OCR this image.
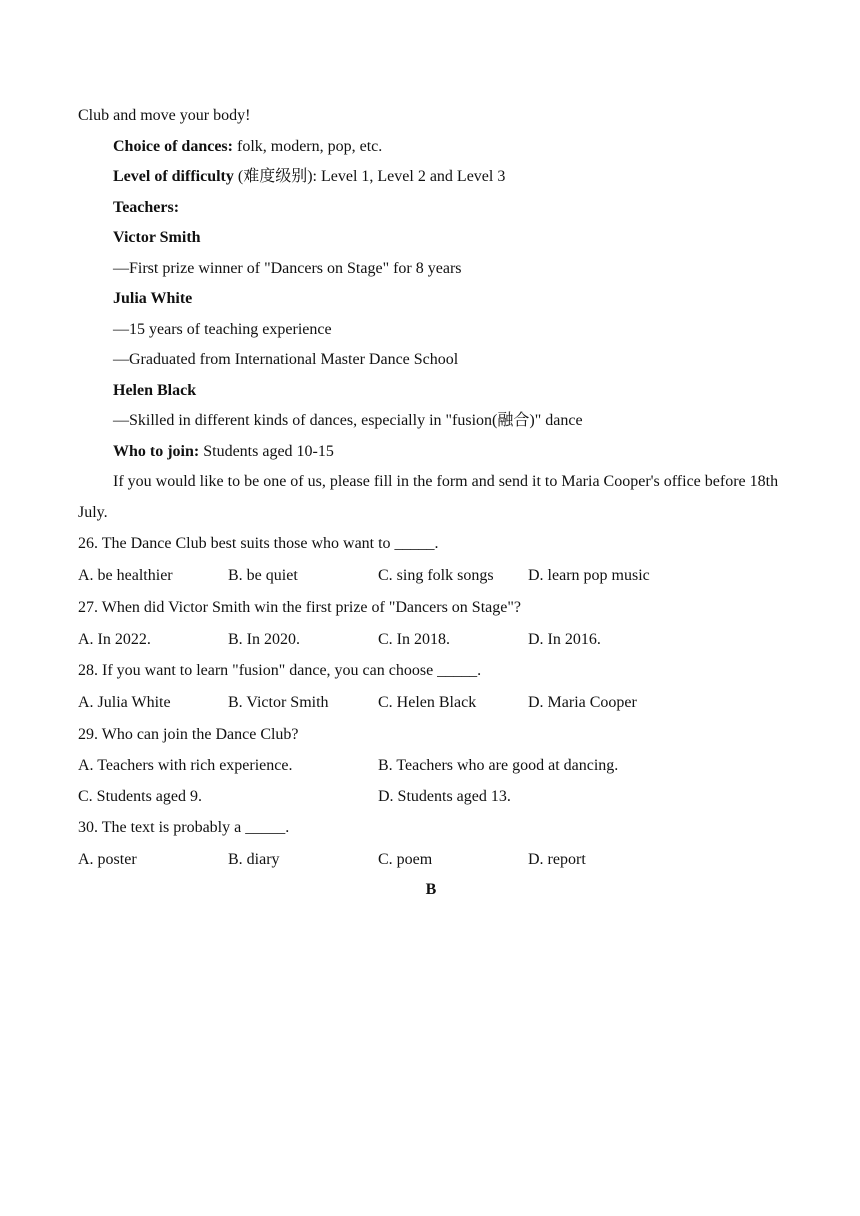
Club and move your body!
Choice of dances: folk, modern, pop, etc.
Level of difficulty (难度级别): Level 1, Level 2 and Level 3
Teachers:
Victor Smith
—First prize winner of "Dancers on Stage" for 8 years
Julia White
—15 years of teaching experience
—Graduated from International Master Dance School
Helen Black
—Skilled in different kinds of dances, especially in "fusion(融合)" dance
Who to join: Students aged 10-15
If you would like to be one of us, please fill in the form and send it to Maria Cooper's office before 18th July.
26. The Dance Club best suits those who want to _____.
A. be healthier	B. be quiet	C. sing folk songs	D. learn pop music
27. When did Victor Smith win the first prize of "Dancers on Stage"?
A. In 2022.	B. In 2020.	C. In 2018.	D. In 2016.
28. If you want to learn "fusion" dance, you can choose _____.
A. Julia White	B. Victor Smith	C. Helen Black	D. Maria Cooper
29. Who can join the Dance Club?
A. Teachers with rich experience.	B. Teachers who are good at dancing.
C. Students aged 9.	D. Students aged 13.
30. The text is probably a _____.
A. poster	B. diary	C. poem	D. report
B
